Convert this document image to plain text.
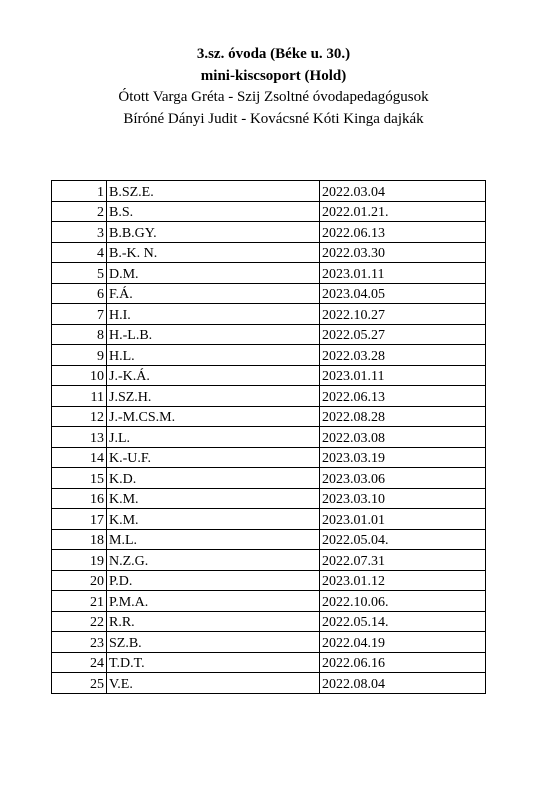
3.sz. óvoda (Béke u. 30.)
mini-kiscsoport (Hold)
Ótott Varga Gréta - Szij Zsoltné óvodapedagógusok
Bíróné Dányi Judit - Kovácsné Kóti Kinga dajkák
1	B.SZ.E.	2022.03.04
2	B.S.	2022.01.21.
3	B.B.GY.	2022.06.13
4	B.-K. N.	2022.03.30
5	D.M.	2023.01.11
6	F.Á.	2023.04.05
7	H.I.	2022.10.27
8	H.-L.B.	2022.05.27
9	H.L.	2022.03.28
10	J.-K.Á.	2023.01.11
11	J.SZ.H.	2022.06.13
12	J.-M.CS.M.	2022.08.28
13	J.L.	2022.03.08
14	K.-U.F.	2023.03.19
15	K.D.	2023.03.06
16	K.M.	2023.03.10
17	K.M.	2023.01.01
18	M.L.	2022.05.04.
19	N.Z.G.	2022.07.31
20	P.D.	2023.01.12
21	P.M.A.	2022.10.06.
22	R.R.	2022.05.14.
23	SZ.B.	2022.04.19
24	T.D.T.	2022.06.16
25	V.E.	2022.08.04
